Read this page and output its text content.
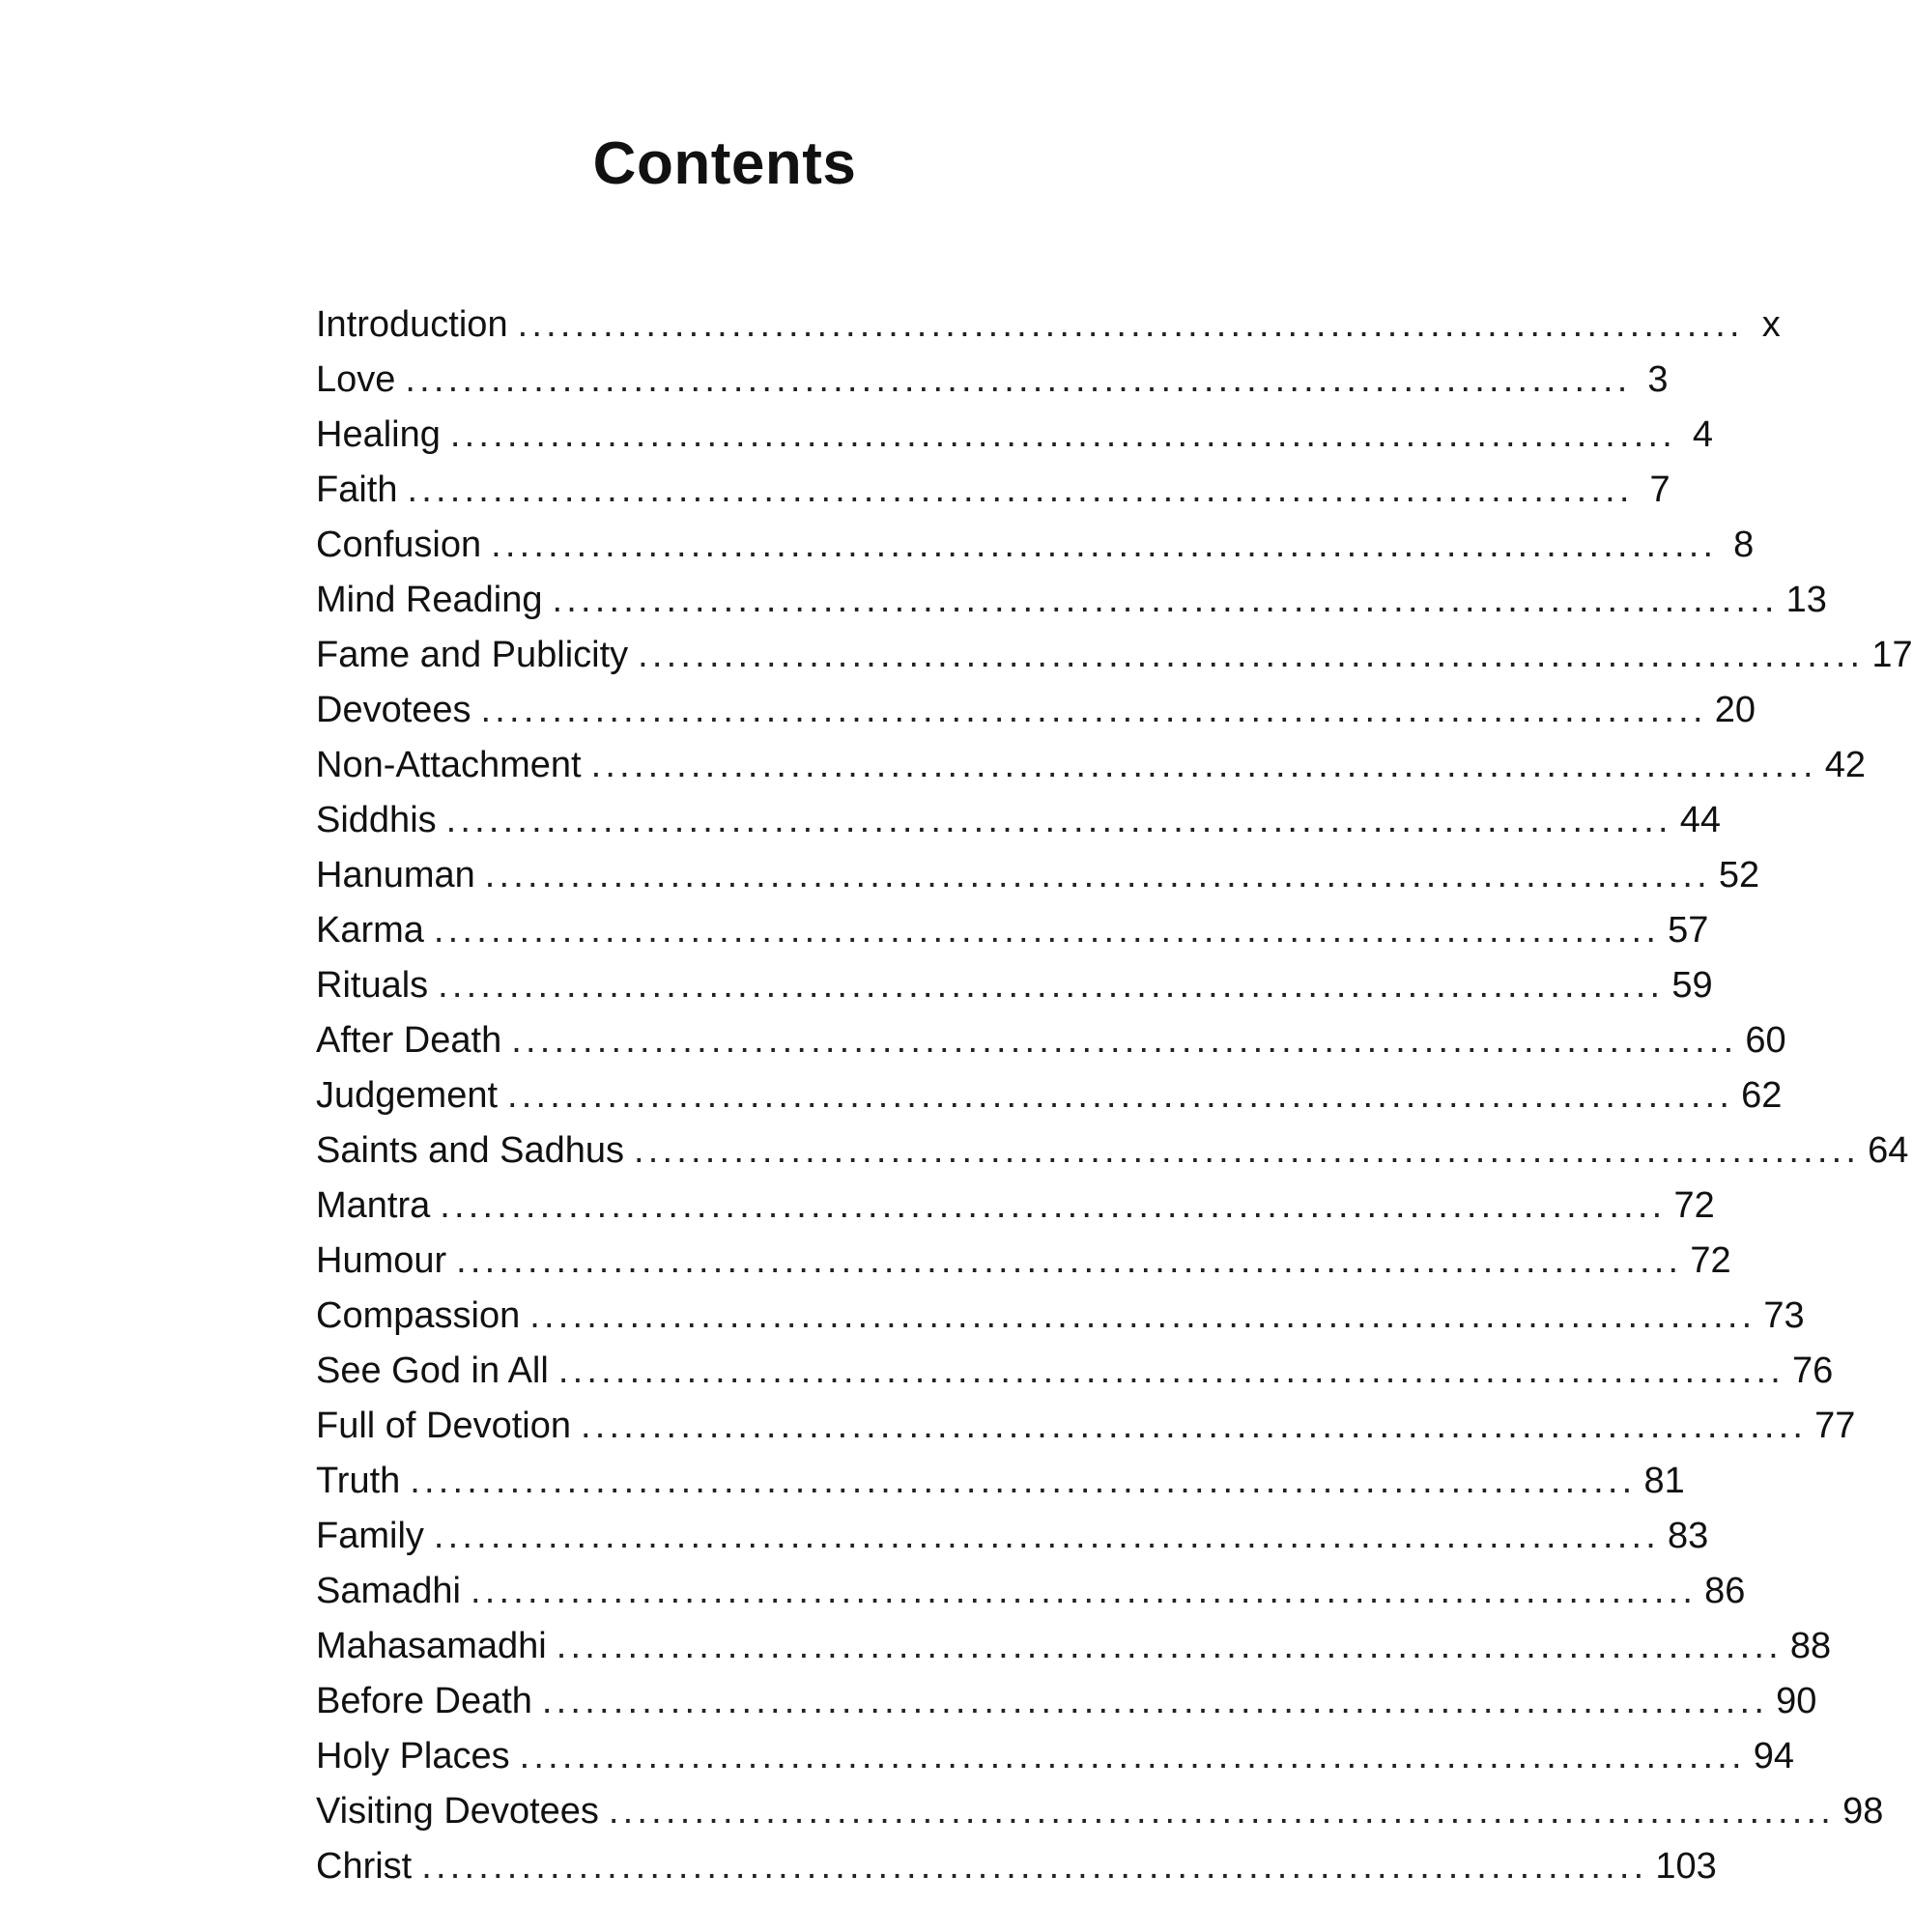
Contents
Introduction ...................................................................................... x
Love ...................................................................................... 3
Healing ...................................................................................... 4
Faith ...................................................................................... 7
Confusion ...................................................................................... 8
Mind Reading ...................................................................................... 13
Fame and Publicity ...................................................................................... 17
Devotees ...................................................................................... 20
Non-Attachment ...................................................................................... 42
Siddhis ...................................................................................... 44
Hanuman ...................................................................................... 52
Karma ...................................................................................... 57
Rituals ...................................................................................... 59
After Death ...................................................................................... 60
Judgement ...................................................................................... 62
Saints and Sadhus ...................................................................................... 64
Mantra ...................................................................................... 72
Humour ...................................................................................... 72
Compassion ...................................................................................... 73
See God in All ...................................................................................... 76
Full of Devotion ...................................................................................... 77
Truth ...................................................................................... 81
Family ...................................................................................... 83
Samadhi ...................................................................................... 86
Mahasamadhi ...................................................................................... 88
Before Death ...................................................................................... 90
Holy Places ...................................................................................... 94
Visiting Devotees ...................................................................................... 98
Christ ...................................................................................... 103
